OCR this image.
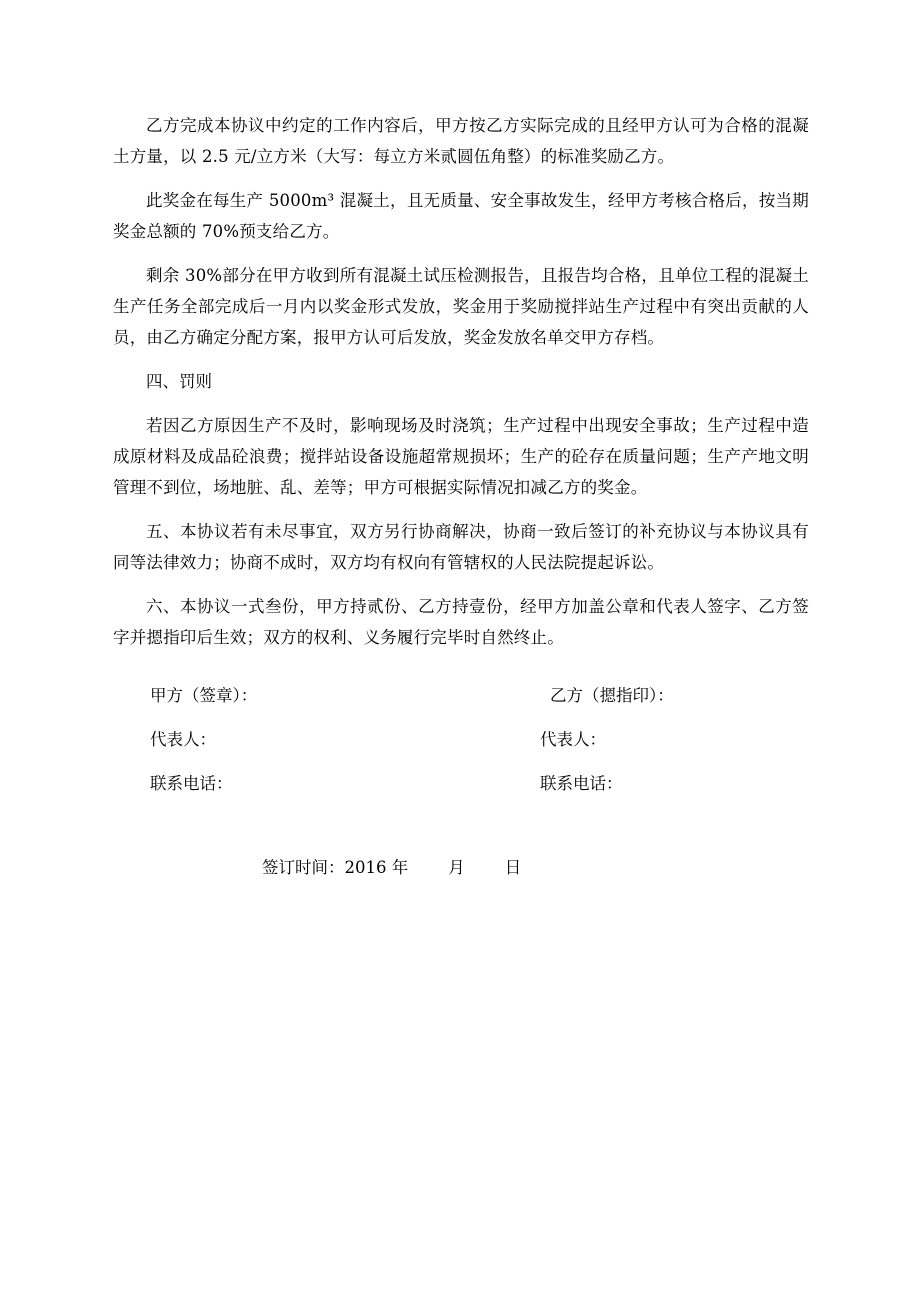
乙方完成本协议中约定的工作内容后，甲方按乙方实际完成的且经甲方认可为合格的混凝土方量，以 2.5 元/立方米（大写：每立方米贰圆伍角整）的标准奖励乙方。

此奖金在每生产 5000m³ 混凝土，且无质量、安全事故发生，经甲方考核合格后，按当期奖金总额的 70%预支给乙方。

剩余 30%部分在甲方收到所有混凝土试压检测报告，且报告均合格，且单位工程的混凝土生产任务全部完成后一月内以奖金形式发放，奖金用于奖励搅拌站生产过程中有突出贡献的人员，由乙方确定分配方案，报甲方认可后发放，奖金发放名单交甲方存档。

四、罚则

若因乙方原因生产不及时，影响现场及时浇筑；生产过程中出现安全事故；生产过程中造成原材料及成品砼浪费；搅拌站设备设施超常规损坏；生产的砼存在质量问题；生产产地文明管理不到位，场地脏、乱、差等；甲方可根据实际情况扣减乙方的奖金。

五、本协议若有未尽事宜，双方另行协商解决，协商一致后签订的补充协议与本协议具有同等法律效力；协商不成时，双方均有权向有管辖权的人民法院提起诉讼。

六、本协议一式叁份，甲方持贰份、乙方持壹份，经甲方加盖公章和代表人签字、乙方签字并摁指印后生效；双方的权利、义务履行完毕时自然终止。

甲方（签章）：
代表人：
联系电话：
乙方（摁指印）：
代表人：
联系电话：
签订时间：2016 年 月 日
